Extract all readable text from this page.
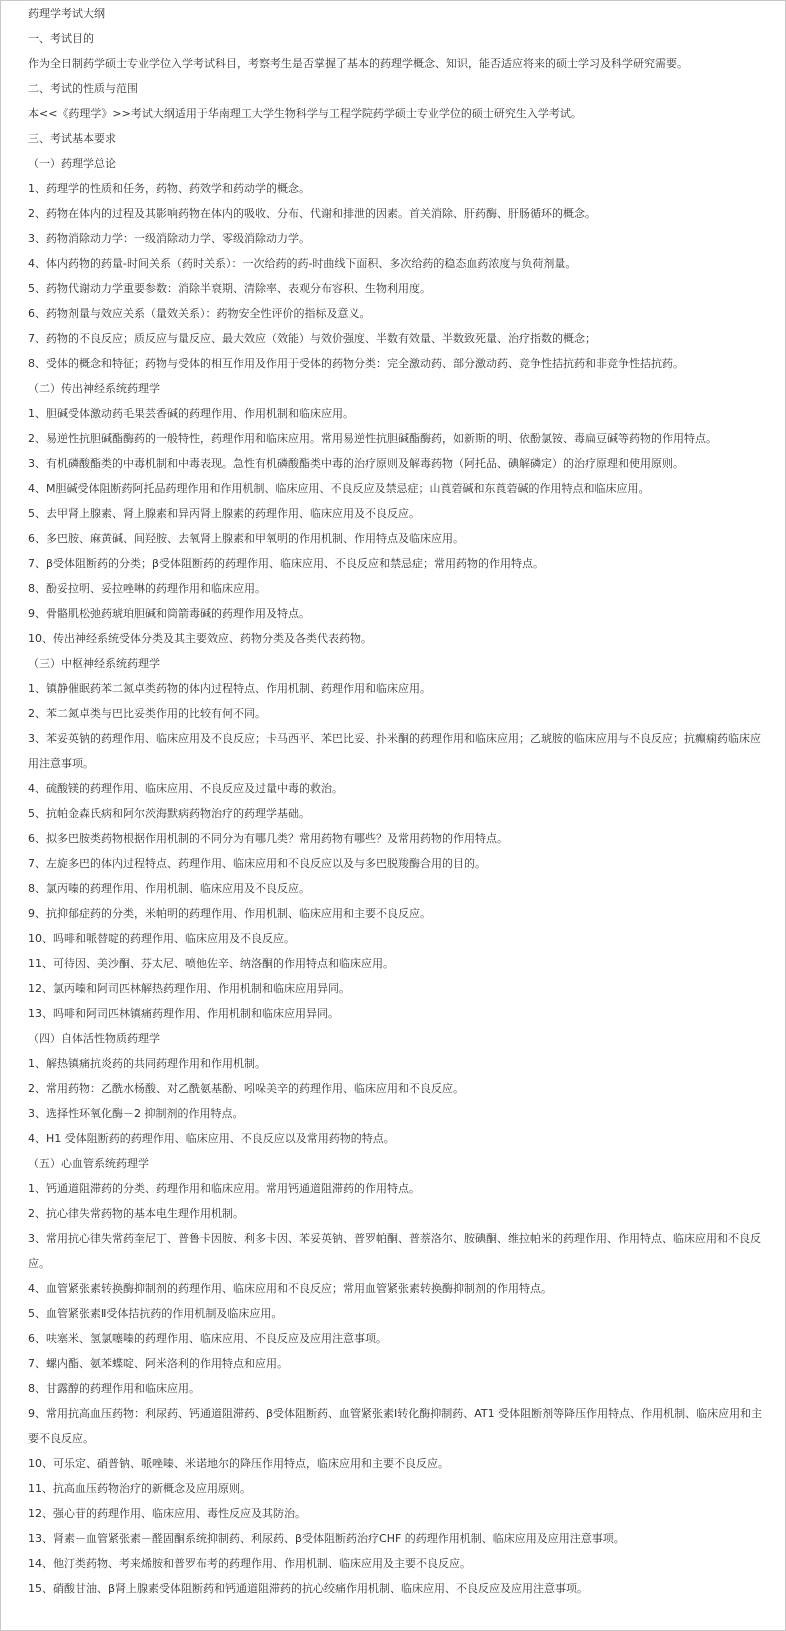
药理学考试大纲

一、考试目的

作为全日制药学硕士专业学位入学考试科目，考察考生是否掌握了基本的药理学概念、知识，能否适应将来的硕士学习及科学研究需要。

二、考试的性质与范围

本<<《药理学》>>考试大纲适用于华南理工大学生物科学与工程学院药学硕士专业学位的硕士研究生入学考试。

三、考试基本要求

（一）药理学总论

1、药理学的性质和任务，药物、药效学和药动学的概念。

2、药物在体内的过程及其影响药物在体内的吸收、分布、代谢和排泄的因素。首关消除、肝药酶、肝肠循环的概念。

3、药物消除动力学：一级消除动力学、零级消除动力学。

4、体内药物的药量-时间关系（药时关系）：一次给药的药-时曲线下面积、多次给药的稳态血药浓度与负荷剂量。

5、药物代谢动力学重要参数：消除半衰期、清除率、表观分布容积、生物利用度。

6、药物剂量与效应关系（量效关系）：药物安全性评价的指标及意义。

7、药物的不良反应；质反应与量反应、最大效应（效能）与效价强度、半数有效量、半数致死量、治疗指数的概念；

8、受体的概念和特征；药物与受体的相互作用及作用于受体的药物分类：完全激动药、部分激动药、竞争性拮抗药和非竞争性拮抗药。

（二）传出神经系统药理学

1、胆碱受体激动药毛果芸香碱的药理作用、作用机制和临床应用。

2、易逆性抗胆碱酯酶药的一般特性，药理作用和临床应用。常用易逆性抗胆碱酯酶药，如新斯的明、依酚氯铵、毒扁豆碱等药物的作用特点。

3、有机磷酸酯类的中毒机制和中毒表现。急性有机磷酸酯类中毒的治疗原则及解毒药物（阿托品、碘解磷定）的治疗原理和使用原则。

4、M胆碱受体阻断药阿托品药理作用和作用机制、临床应用、不良反应及禁忌症；山莨菪碱和东莨菪碱的作用特点和临床应用。

5、去甲肾上腺素、肾上腺素和异丙肾上腺素的药理作用、临床应用及不良反应。

6、多巴胺、麻黄碱、间羟胺、去氧肾上腺素和甲氧明的作用机制、作用特点及临床应用。

7、β受体阻断药的分类；β受体阻断药的药理作用、临床应用、不良反应和禁忌症；常用药物的作用特点。

8、酚妥拉明、妥拉唑啉的药理作用和临床应用。

9、骨骼肌松弛药琥珀胆碱和筒箭毒碱的药理作用及特点。

10、传出神经系统受体分类及其主要效应、药物分类及各类代表药物。

（三）中枢神经系统药理学

1、镇静催眠药苯二氮卓类药物的体内过程特点、作用机制、药理作用和临床应用。

2、苯二氮卓类与巴比妥类作用的比较有何不同。

3、苯妥英钠的药理作用、临床应用及不良反应；卡马西平、苯巴比妥、扑米酮的药理作用和临床应用；乙琥胺的临床应用与不良反应；抗癫痫药临床应用注意事项。

4、硫酸镁的药理作用、临床应用、不良反应及过量中毒的救治。

5、抗帕金森氏病和阿尔茨海默病药物治疗的药理学基础。

6、拟多巴胺类药物根据作用机制的不同分为有哪几类？常用药物有哪些？及常用药物的作用特点。

7、左旋多巴的体内过程特点、药理作用、临床应用和不良反应以及与多巴脱羧酶合用的目的。

8、氯丙嗪的药理作用、作用机制、临床应用及不良反应。

9、抗抑郁症药的分类，米帕明的药理作用、作用机制、临床应用和主要不良反应。

10、吗啡和哌替啶的药理作用、临床应用及不良反应。

11、可待因、美沙酮、芬太尼、喷他佐辛、纳洛酮的作用特点和临床应用。

12、氯丙嗪和阿司匹林解热药理作用、作用机制和临床应用异同。

13、吗啡和阿司匹林镇痛药理作用、作用机制和临床应用异同。

（四）自体活性物质药理学

1、解热镇痛抗炎药的共同药理作用和作用机制。

2、常用药物：乙酰水杨酸、对乙酰氨基酚、吲哚美辛的药理作用、临床应用和不良反应。

3、选择性环氧化酶－2 抑制剂的作用特点。

4、H1 受体阻断药的药理作用、临床应用、不良反应以及常用药物的特点。

（五）心血管系统药理学

1、钙通道阻滞药的分类、药理作用和临床应用。常用钙通道阻滞药的作用特点。

2、抗心律失常药物的基本电生理作用机制。

3、常用抗心律失常药奎尼丁、普鲁卡因胺、利多卡因、苯妥英钠、普罗帕酮、普萘洛尔、胺碘酮、维拉帕米的药理作用、作用特点、临床应用和不良反应。

4、血管紧张素转换酶抑制剂的药理作用、临床应用和不良反应；常用血管紧张素转换酶抑制剂的作用特点。

5、血管紧张素Ⅱ受体拮抗药的作用机制及临床应用。

6、呋塞米、氢氯噻嗪的药理作用、临床应用、不良反应及应用注意事项。

7、螺内酯、氨苯蝶啶、阿米洛利的作用特点和应用。

8、甘露醇的药理作用和临床应用。

9、常用抗高血压药物：利尿药、钙通道阻滞药、β受体阻断药、血管紧张素Ⅰ转化酶抑制药、AT1 受体阻断剂等降压作用特点、作用机制、临床应用和主要不良反应。

10、可乐定、硝普钠、哌唑嗪、米诺地尔的降压作用特点，临床应用和主要不良反应。

11、抗高血压药物治疗的新概念及应用原则。

12、强心苷的药理作用、临床应用、毒性反应及其防治。

13、肾素－血管紧张素－醛固酮系统抑制药、利尿药、β受体阻断药治疗CHF 的药理作用机制、临床应用及应用注意事项。

14、他汀类药物、考来烯胺和普罗布考的药理作用、作用机制、临床应用及主要不良反应。

15、硝酸甘油、β肾上腺素受体阻断药和钙通道阻滞药的抗心绞痛作用机制、临床应用、不良反应及应用注意事项。
